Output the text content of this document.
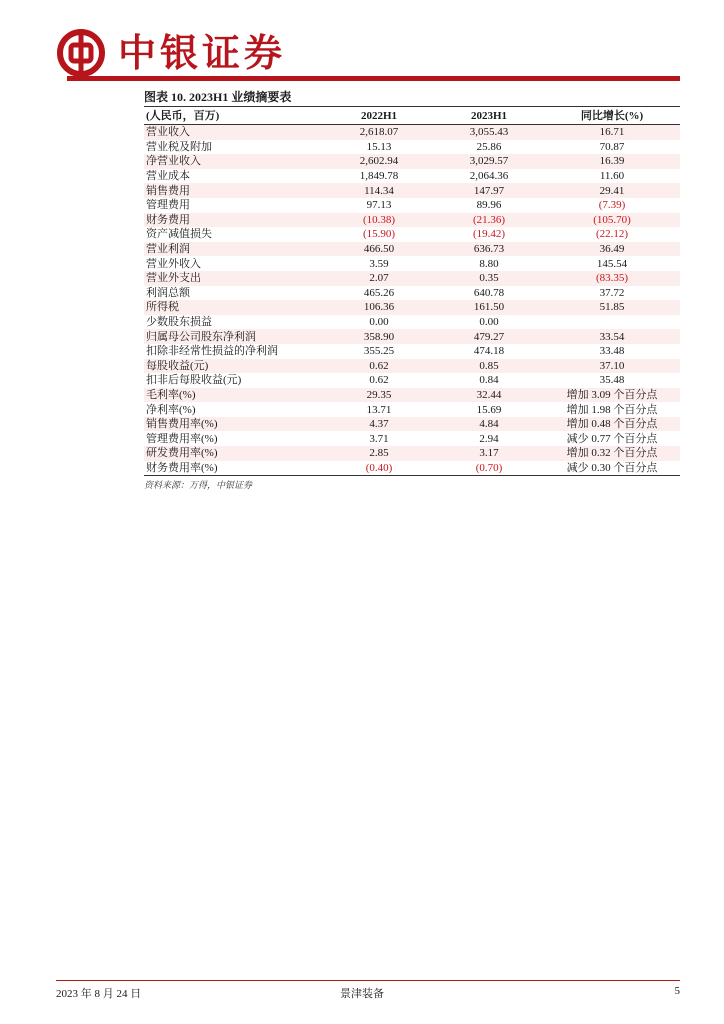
中银证券
图表 10. 2023H1 业绩摘要表
(人民币，百万)	2022H1	2023H1	同比增长(%)
营业收入	2,618.07	3,055.43	16.71
营业税及附加	15.13	25.86	70.87
净营业收入	2,602.94	3,029.57	16.39
营业成本	1,849.78	2,064.36	11.60
销售费用	114.34	147.97	29.41
管理费用	97.13	89.96	(7.39)
财务费用	(10.38)	(21.36)	(105.70)
资产减值损失	(15.90)	(19.42)	(22.12)
营业利润	466.50	636.73	36.49
营业外收入	3.59	8.80	145.54
营业外支出	2.07	0.35	(83.35)
利润总额	465.26	640.78	37.72
所得税	106.36	161.50	51.85
少数股东损益	0.00	0.00	
归属母公司股东净利润	358.90	479.27	33.54
扣除非经常性损益的净利润	355.25	474.18	33.48
每股收益(元)	0.62	0.85	37.10
扣非后每股收益(元)	0.62	0.84	35.48
毛利率(%)	29.35	32.44	增加 3.09 个百分点
净利率(%)	13.71	15.69	增加 1.98 个百分点
销售费用率(%)	4.37	4.84	增加 0.48 个百分点
管理费用率(%)	3.71	2.94	减少 0.77 个百分点
研发费用率(%)	2.85	3.17	增加 0.32 个百分点
财务费用率(%)	(0.40)	(0.70)	减少 0.30 个百分点
资料来源：万得，中银证券
2023 年 8 月 24 日	景津装备	5
